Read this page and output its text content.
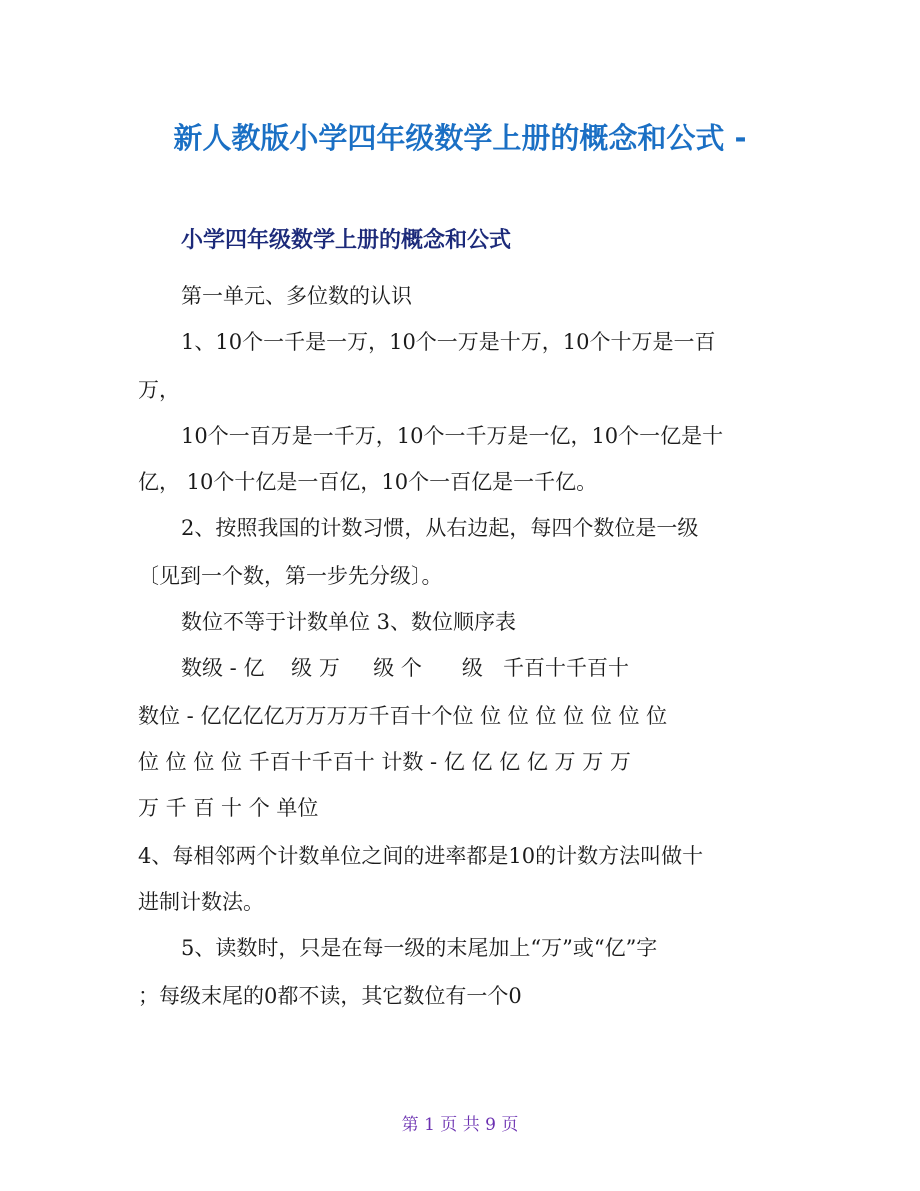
新人教版小学四年级数学上册的概念和公式 -
小学四年级数学上册的概念和公式
第一单元、多位数的认识
1、10个一千是一万，10个一万是十万，10个十万是一百
万，
10个一百万是一千万，10个一千万是一亿，10个一亿是十
亿， 10个十亿是一百亿，10个一百亿是一千亿。
2、按照我国的计数习惯，从右边起，每四个数位是一级
〔见到一个数，第一步先分级〕。
数位不等于计数单位 3、数位顺序表
数级 - 亿    级 万     级 个      级   千百十千百十
数位 - 亿亿亿亿万万万万千百十个位 位 位 位 位 位 位 位
位 位 位 位 千百十千百十 计数 - 亿 亿 亿 亿 万 万 万
万 千 百 十 个 单位
4、每相邻两个计数单位之间的进率都是10的计数方法叫做十
进制计数法。
5、读数时，只是在每一级的末尾加上“万”或“亿”字
；每级末尾的0都不读，其它数位有一个0
第 1 页 共 9 页
